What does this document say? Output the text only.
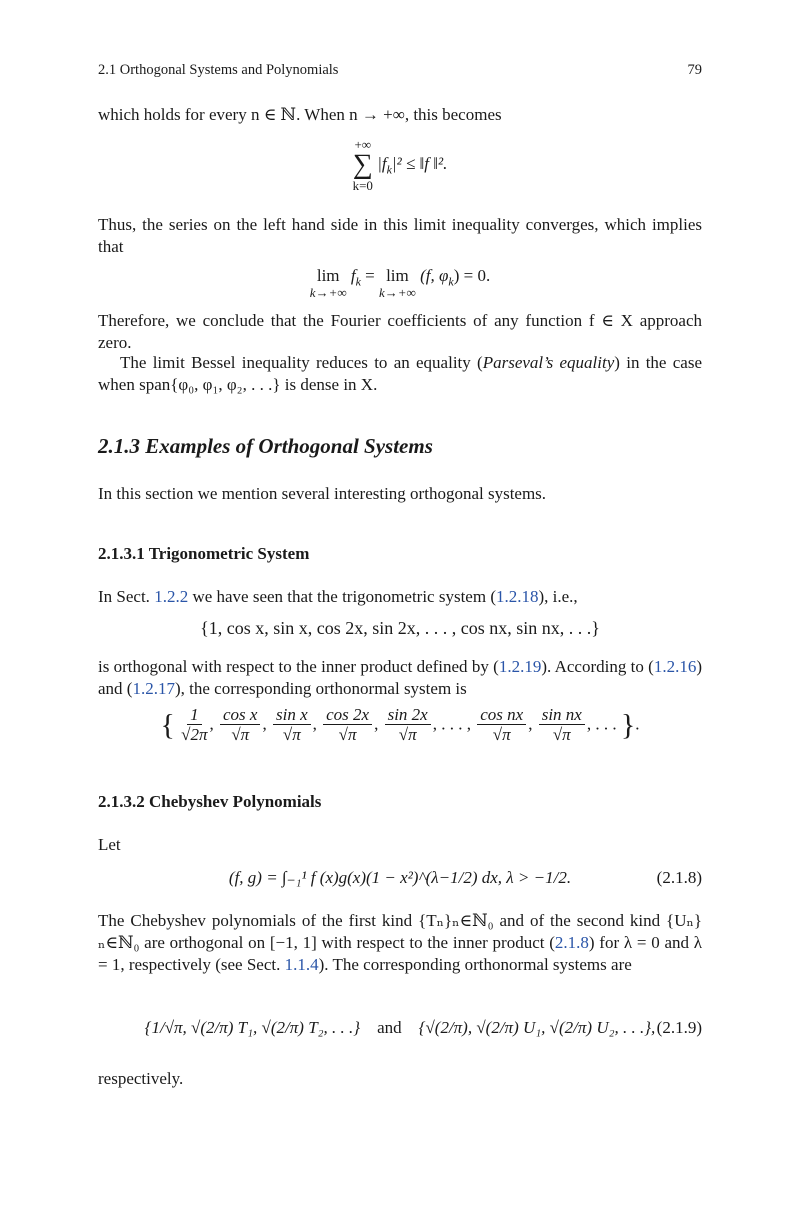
2.1 Orthogonal Systems and Polynomials	79
which holds for every n ∈ ℕ. When n → +∞, this becomes
+∞
∑
k=0
$|f_k|^2$ ≤ ‖f ‖².
Thus, the series on the left hand side in this limit inequality converges, which implies that
lim
k→+∞
$f_k = \lim$
k→+∞
(f, $\varphi_k) = 0$.
Therefore, we conclude that the Fourier coefficients of any function f ∈ X approach zero.
The limit Bessel inequality reduces to an equality (Parseval’s equality) in the case when span{φ₀, φ₁, φ₂, . . .} is dense in X.
2.1.3 Examples of Orthogonal Systems
In this section we mention several interesting orthogonal systems.
2.1.3.1 Trigonometric System
In Sect. 1.2.2 we have seen that the trigonometric system (1.2.18), i.e.,
{1, cos x, sin x, cos 2x, sin 2x, . . . , cos nx, sin nx, . . .}
is orthogonal with respect to the inner product defined by (1.2.19). According to (1.2.16) and (1.2.17), the corresponding orthonormal system is
{ $\frac{1}{√2\pi}$ , $\frac{\text{cos x}}{√\pi}$ , $\frac{\text{sin x}}{√\pi}$ , $\frac{\cos 2x}{√\pi}$ , $\frac{\sin 2x}{√\pi}$ , . . . , $\frac{\text{cos nx}}{√\pi}$ , $\frac{\text{sin nx}}{√\pi}$ , . . . }.
2.1.3.2 Chebyshev Polynomials
Let
(f, g) = ∫₋₁¹ f (x)g(x)(1 − x²)^(λ−1/2) dx, λ > −1/2.	(2.1.8)
The Chebyshev polynomials of the first kind {Tₙ}ₙ∈ℕ₀ and of the second kind {Uₙ}ₙ∈ℕ₀ are orthogonal on [−1, 1] with respect to the inner product (2.1.8) for λ = 0 and λ = 1, respectively (see Sect. 1.1.4). The corresponding orthonormal systems are
{1/√π, √(2/π) T₁, √(2/π) T₂, . . .} and {√(2/π), √(2/π) U₁, √(2/π) U₂, . . .}, (2.1.9)
respectively.
